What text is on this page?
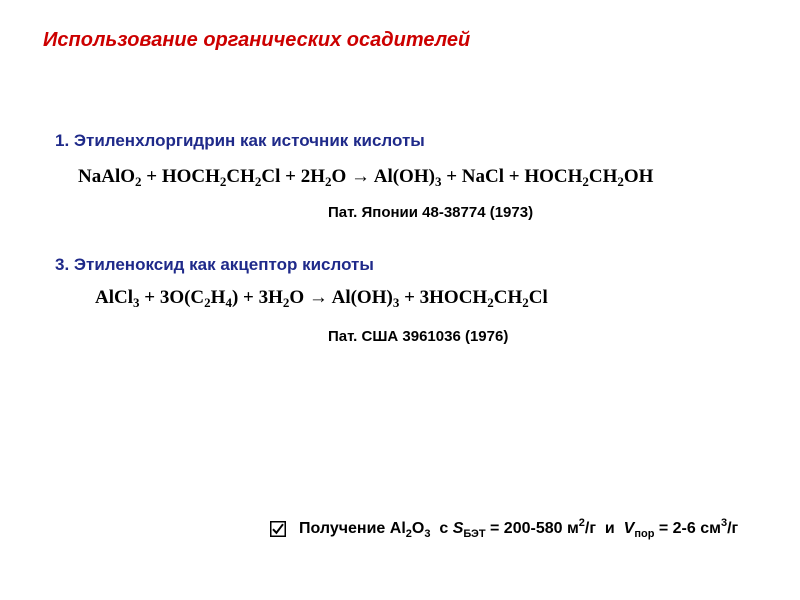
Использование органических осадителей
1. Этиленхлоргидрин как источник кислоты
NaAlO$_2$ + $HOCH_2CH_2Cl + 2H_2O \to Al(OH)_3$ + NaCl + $HOCH_2CH_2OH$
Пат. Японии 48-38774 (1973)
3. Этиленоксид как акцептор кислоты
AlCl$_3$ + $3O(C_2H_4) + 3H_2O \to Al(OH)_3$ + $3HOCH_2CH_2Cl$
Пат. США 3961036 (1976)
Получение $Al_2O_3$  с $S_{БЭТ} = 200-580$ $м^2/г$  и  $V_{пор} = 2-6$ $см^3/г$
